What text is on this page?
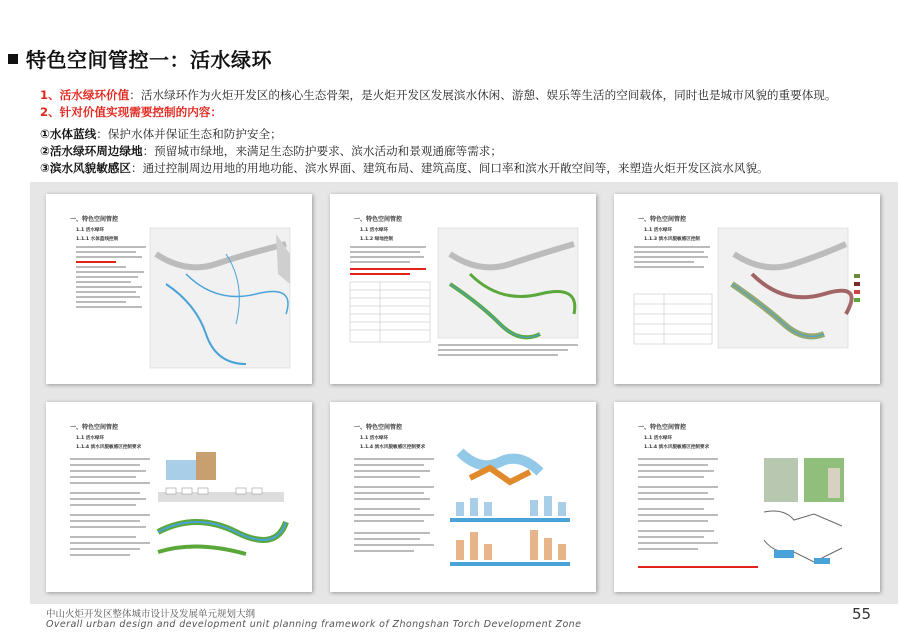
特色空间管控一：活水绿环
1、活水绿环价值：活水绿环作为火炬开发区的核心生态骨架，是火炬开发区发展滨水休闲、游憩、娱乐等生活的空间载体，同时也是城市风貌的重要体现。
2、针对价值实现需要控制的内容：
①水体蓝线：保护水体并保证生态和防护安全；
②活水绿环周边绿地：预留城市绿地，来满足生态防护要求、滨水活动和景观通廊等需求；
③滨水风貌敏感区：通过控制周边用地的用地功能、滨水界面、建筑布局、建筑高度、间口率和滨水开敞空间等，来塑造火炬开发区滨水风貌。
一、特色空间管控
1.1 活水绿环
1.1.1 水体蓝线控制
一、特色空间管控
1.1 活水绿环
1.1.2 绿地控制
一、特色空间管控
1.1 活水绿环
1.1.3 滨水风貌敏感区控制
一、特色空间管控
1.1 活水绿环
1.1.4 滨水风貌敏感区控制要求
一、特色空间管控
1.1 活水绿环
1.1.4 滨水风貌敏感区控制要求
一、特色空间管控
1.1 活水绿环
1.1.4 滨水风貌敏感区控制要求
中山火炬开发区整体城市设计及发展单元规划大纲
Overall urban design and development unit planning framework of Zhongshan Torch Development Zone
55
